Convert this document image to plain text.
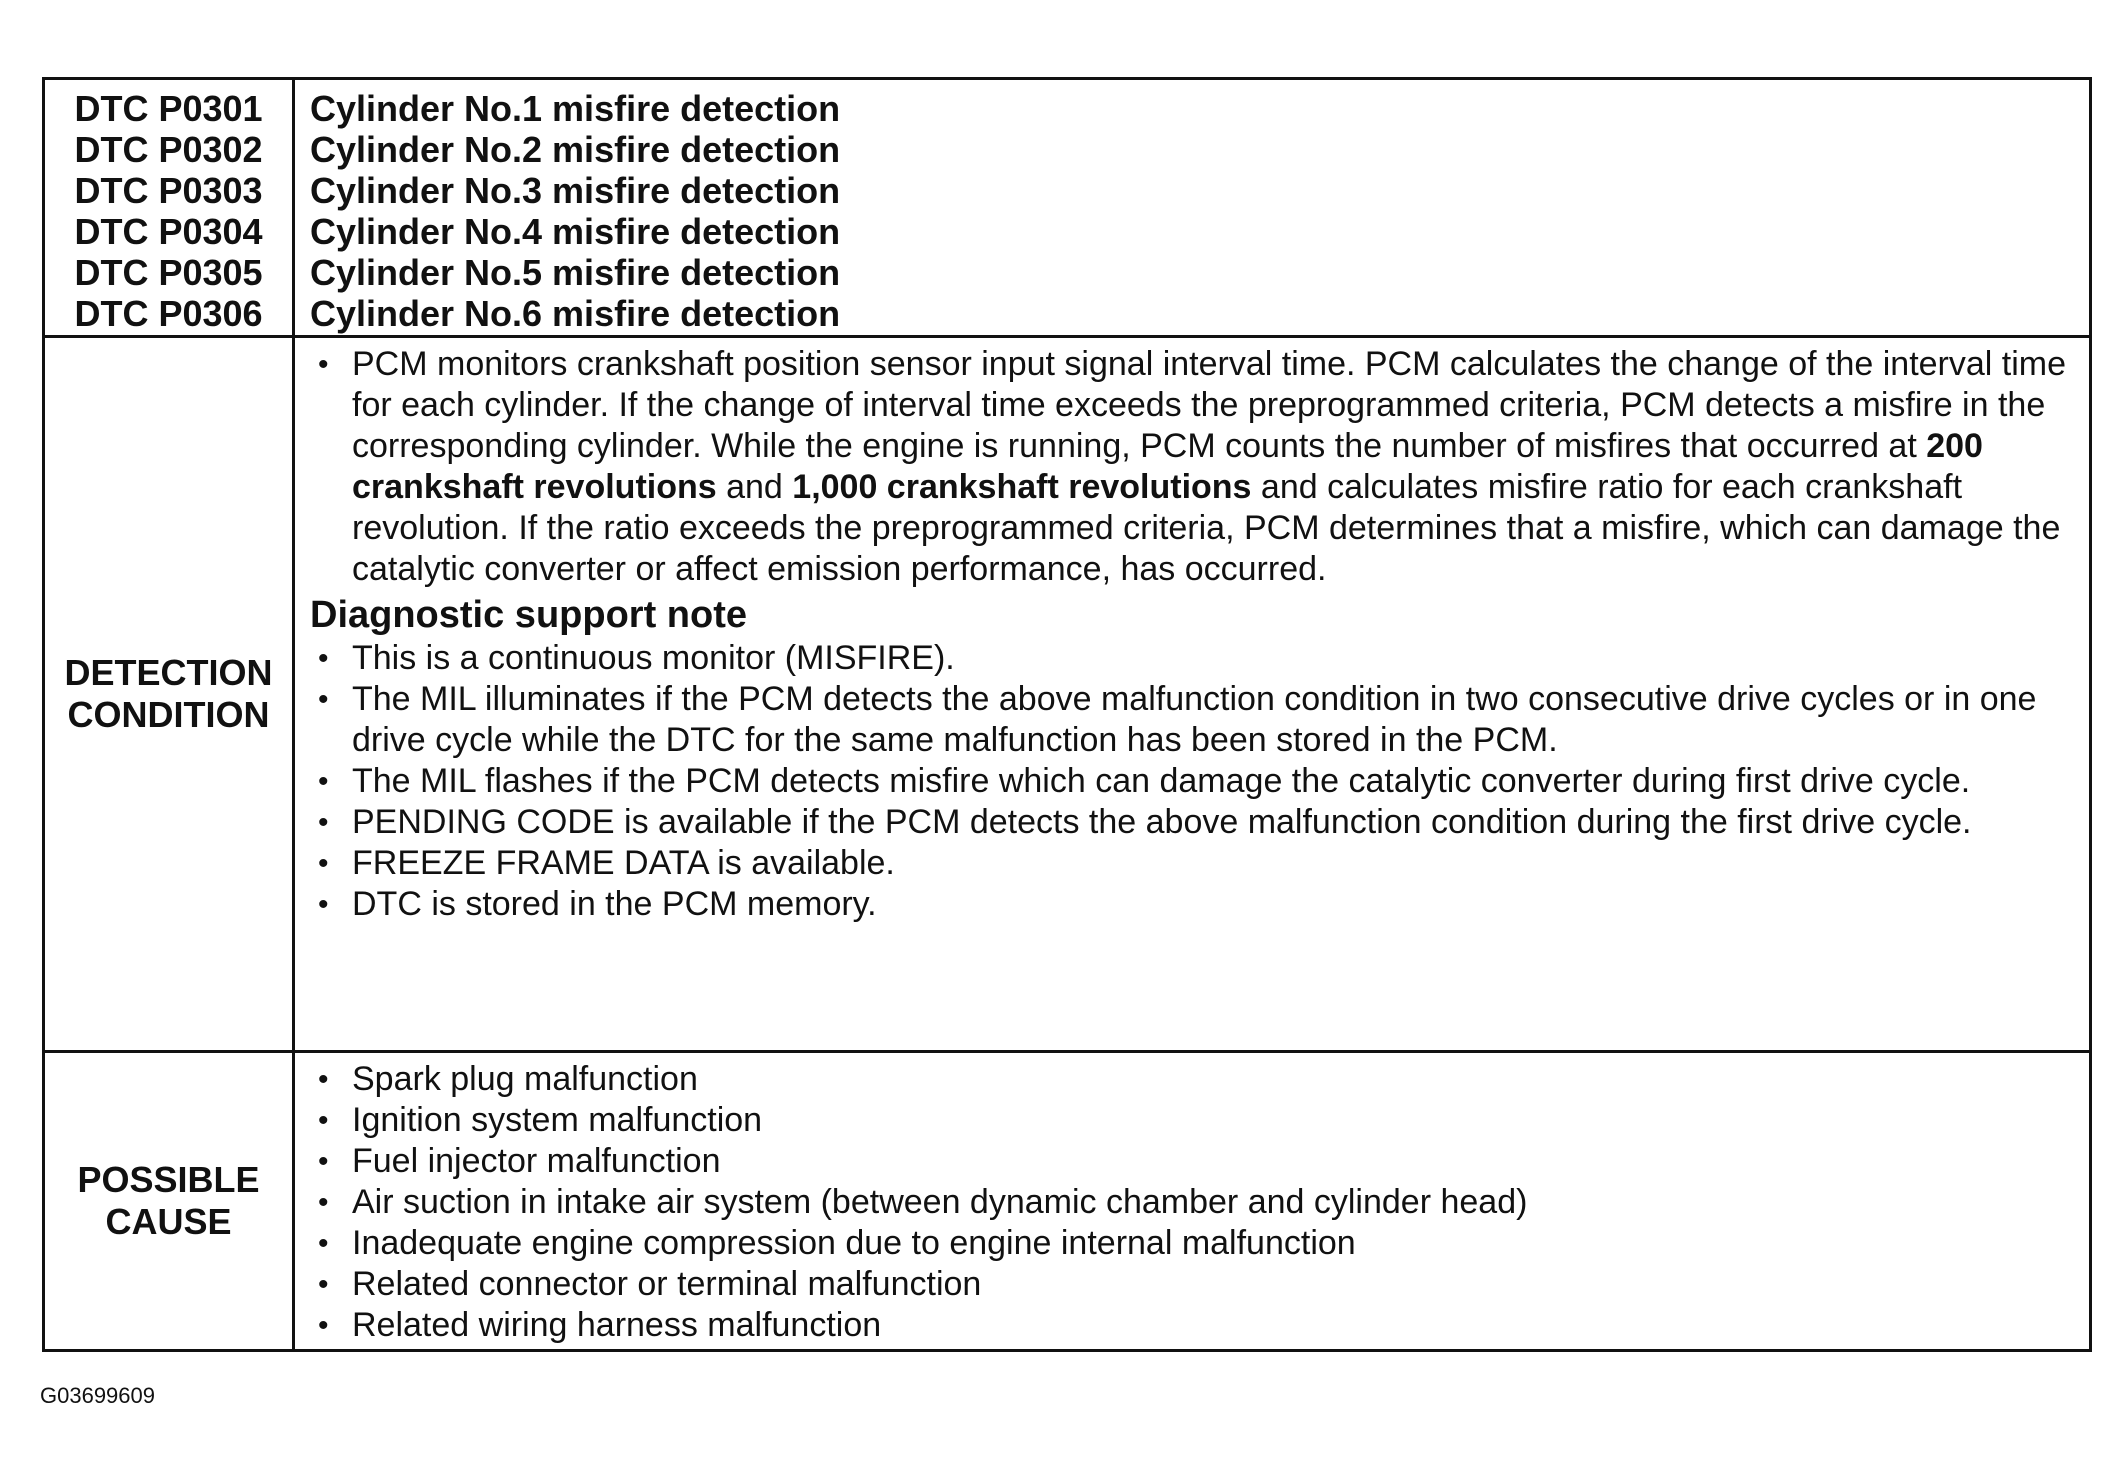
DTC P0301
DTC P0302
DTC P0303
DTC P0304
DTC P0305
DTC P0306
Cylinder No.1 misfire detection
Cylinder No.2 misfire detection
Cylinder No.3 misfire detection
Cylinder No.4 misfire detection
Cylinder No.5 misfire detection
Cylinder No.6 misfire detection
DETECTION
CONDITION
• PCM monitors crankshaft position sensor input signal interval time. PCM calculates the change of the interval time for each cylinder. If the change of interval time exceeds the preprogrammed criteria, PCM detects a misfire in the corresponding cylinder. While the engine is running, PCM counts the number of misfires that occurred at 200 crankshaft revolutions and 1,000 crankshaft revolutions and calculates misfire ratio for each crankshaft revolution. If the ratio exceeds the preprogrammed criteria, PCM determines that a misfire, which can damage the catalytic converter or affect emission performance, has occurred.
Diagnostic support note
• This is a continuous monitor (MISFIRE).
• The MIL illuminates if the PCM detects the above malfunction condition in two consecutive drive cycles or in one drive cycle while the DTC for the same malfunction has been stored in the PCM.
• The MIL flashes if the PCM detects misfire which can damage the catalytic converter during first drive cycle.
• PENDING CODE is available if the PCM detects the above malfunction condition during the first drive cycle.
• FREEZE FRAME DATA is available.
• DTC is stored in the PCM memory.
POSSIBLE
CAUSE
• Spark plug malfunction
• Ignition system malfunction
• Fuel injector malfunction
• Air suction in intake air system (between dynamic chamber and cylinder head)
• Inadequate engine compression due to engine internal malfunction
• Related connector or terminal malfunction
• Related wiring harness malfunction
G03699609
